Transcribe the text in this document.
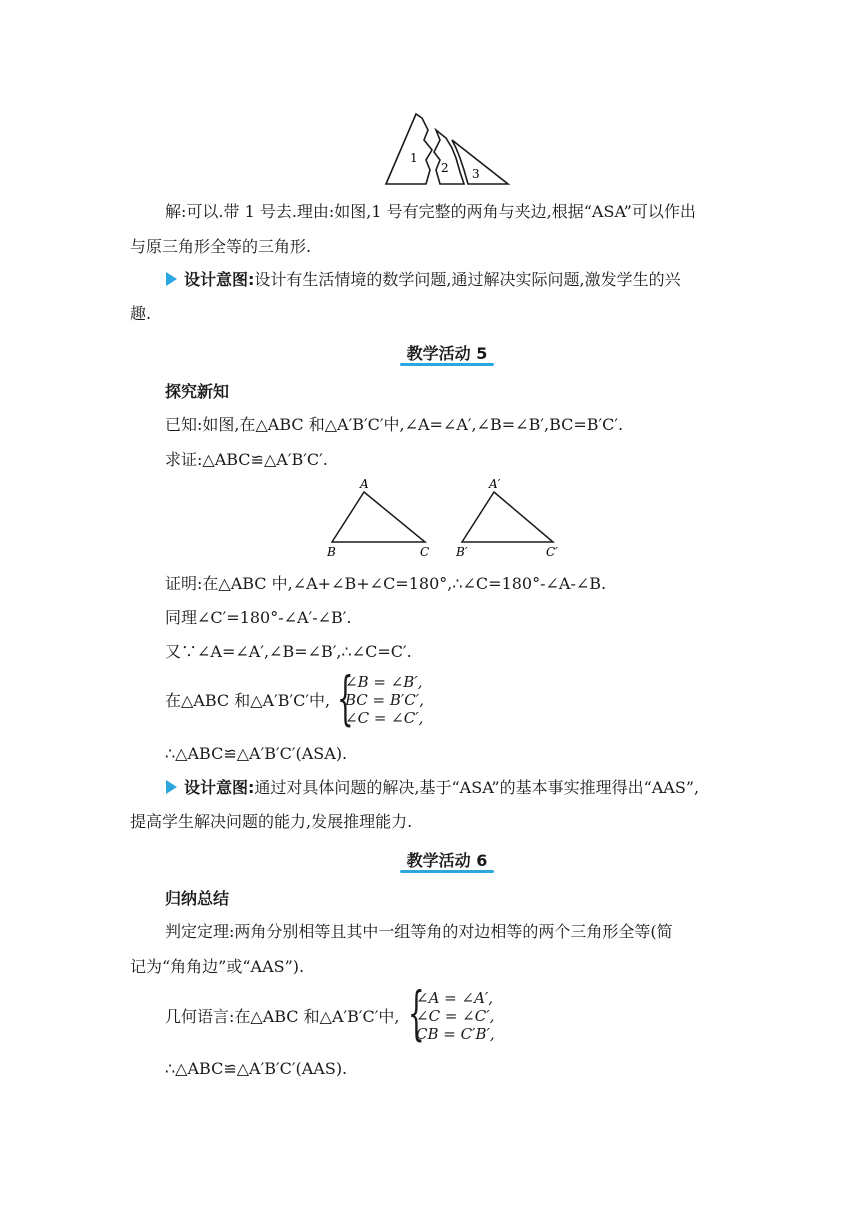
1
2 3
解:可以.带 1 号去.理由:如图,1 号有完整的两角与夹边,根据“ASA”可以作出
与原三角形全等的三角形.
设计意图:设计有生活情境的数学问题,通过解决实际问题,激发学生的兴
趣.
教学活动 5
探究新知
已知:如图,在△ABC 和△A′B′C′中,∠A=∠A′,∠B=∠B′,BC=B′C′.
求证:△ABC≌△A′B′C′.
A
B	C
A′
B′	C′
证明:在△ABC 中,∠A+∠B+∠C=180°,∴∠C=180°-∠A-∠B.
同理∠C′=180°-∠A′-∠B′.
又∵∠A=∠A′,∠B=∠B′,∴∠C=C′.
在△ABC 和△A′B′C′中, {
∠B = ∠B′,
BC = B′C′,
∠C = ∠C′,
∴△ABC≌△A′B′C′(ASA).
设计意图:通过对具体问题的解决,基于“ASA”的基本事实推理得出“AAS”,
提高学生解决问题的能力,发展推理能力.
教学活动 6
归纳总结
判定定理:两角分别相等且其中一组等角的对边相等的两个三角形全等(简
记为“角角边”或“AAS”).
几何语言:在△ABC 和△A′B′C′中, {
∠A = ∠A′,
∠C = ∠C′,
CB = C′B′,
∴△ABC≌△A′B′C′(AAS).
